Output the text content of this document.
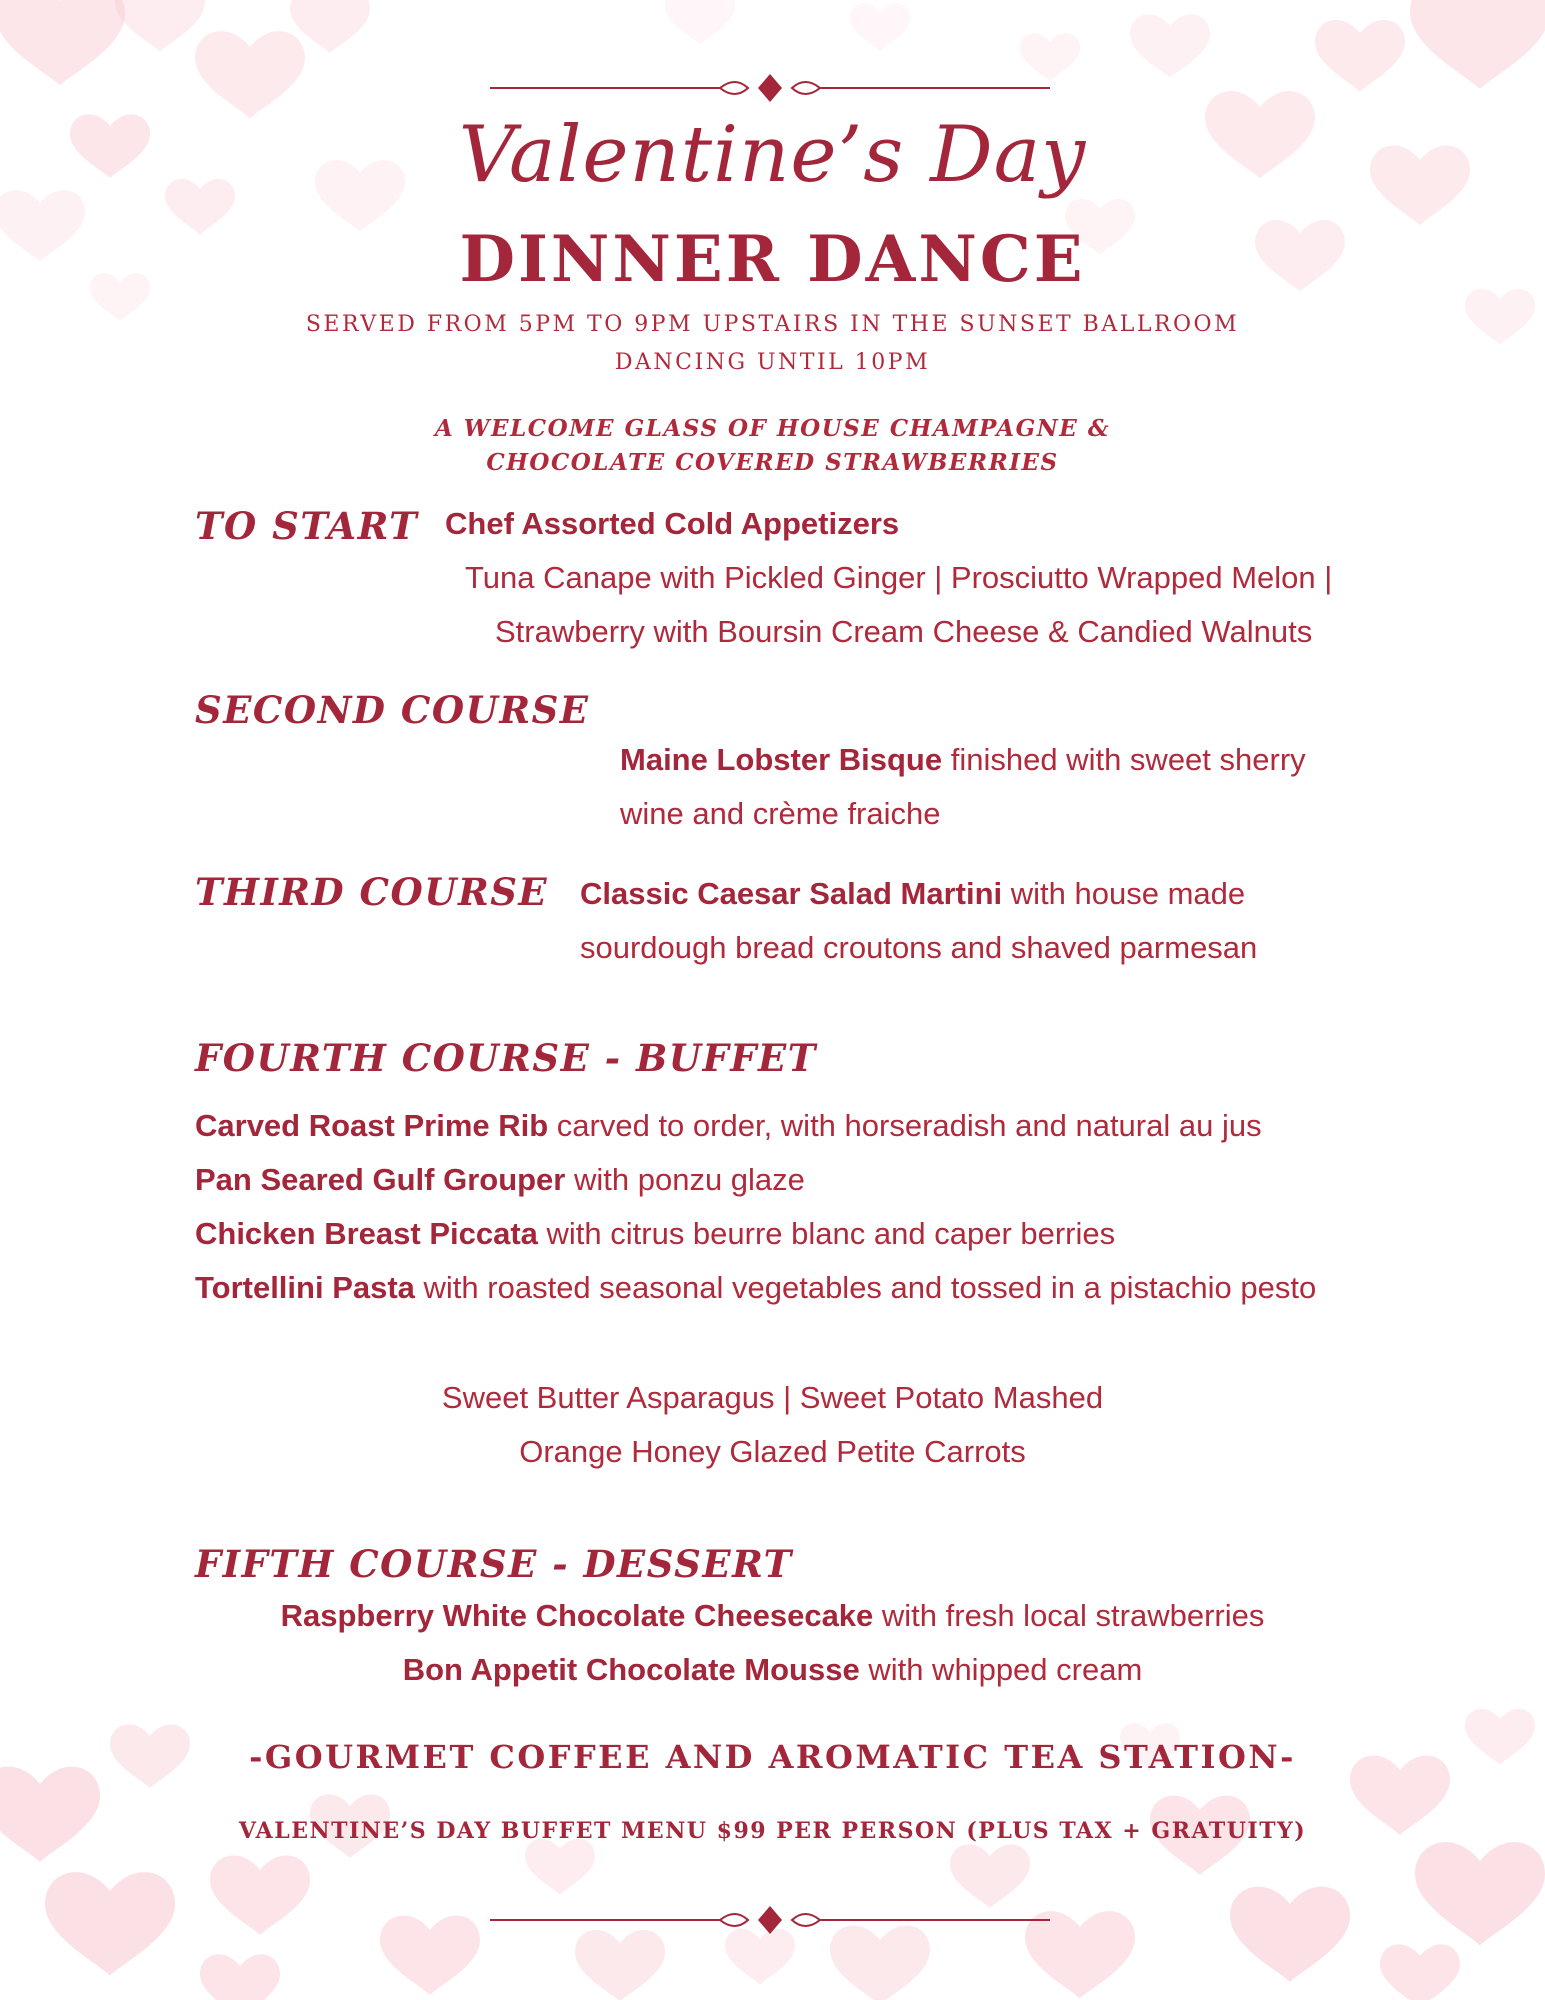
Valentine’s Day
DINNER DANCE
SERVED FROM 5PM TO 9PM UPSTAIRS IN THE SUNSET BALLROOM
DANCING UNTIL 10PM
A WELCOME GLASS OF HOUSE CHAMPAGNE &
CHOCOLATE COVERED STRAWBERRIES
TO START Chef Assorted Cold Appetizers
Tuna Canape with Pickled Ginger | Prosciutto Wrapped Melon |
Strawberry with Boursin Cream Cheese & Candied Walnuts
SECOND COURSE
Maine Lobster Bisque finished with sweet sherry
wine and crème fraiche
THIRD COURSE Classic Caesar Salad Martini with house made
sourdough bread croutons and shaved parmesan
FOURTH COURSE - BUFFET
Carved Roast Prime Rib carved to order, with horseradish and natural au jus
Pan Seared Gulf Grouper with ponzu glaze
Chicken Breast Piccata with citrus beurre blanc and caper berries
Tortellini Pasta with roasted seasonal vegetables and tossed in a pistachio pesto
Sweet Butter Asparagus | Sweet Potato Mashed
Orange Honey Glazed Petite Carrots
FIFTH COURSE - DESSERT
Raspberry White Chocolate Cheesecake with fresh local strawberries
Bon Appetit Chocolate Mousse with whipped cream
-GOURMET COFFEE AND AROMATIC TEA STATION-
VALENTINE’S DAY BUFFET MENU $99 PER PERSON (PLUS TAX + GRATUITY)
